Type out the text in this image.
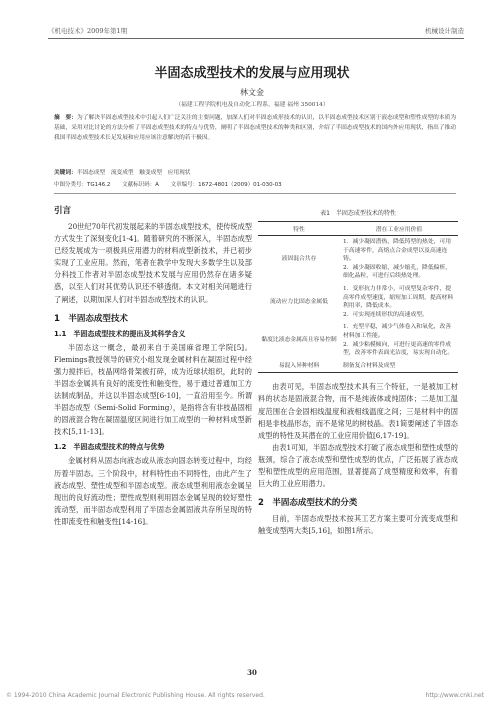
《机电技术》2009年第1期	机械设计制造
半固态成型技术的发展与应用现状
林文金
（福建工程学院机电及自动化工程系，福建 福州 350014）
摘　要：为了解决半固态成型技术中引起人们广泛关注的主要问题，加深人们对半固态成形技术的认识，以半固态成型技术区别于液态成型和塑性成型的本质为基础，采用对比讨论的方法分析了半固态成型技术的特点与优势，阐明了半固态成型技术的种类和区别，介绍了半固态成型技术的国内外应用现状，指出了推动我国半固态成型技术长足发展和应用应该注意解决的若干极因。
关键词：半固态成型　流变成型　触变成型　应用现状
中图分类号：TG146.2 文献标识码：A 文章编号：1672-4801（2009）01-030-03
引言

20世纪70年代初发展起来的半固态成型技术，使传统成型方式发生了深刻变化[1-4]。随着研究的不断深入，半固态成型已经发展成为一项极具应用潜力的材料成型新技术，并已初步实现了工业应用。然而，笔者在教学中发现大多数学生以及部分科技工作者对半固态成型技术发展与应用仍然存在诸多疑惑，以至人们对其优势认识还不够透彻。本文对相关问题进行了阐述，以期加深人们对半固态成型技术的认识。

1　半固态成型技术
1.1　半固态成型技术的提出及其科学含义

半固态这一概念，最初来自于美国麻省理工学院[5]。Flemings教授领导的研究小组发现金属材料在凝固过程中经强力搅拌后，枝晶网络骨架被打碎，成为近球状组织，此时的半固态金属具有良好的流变性和触变性，易于通过普通加工方法制成制品，并这以半固态成型[6-10]，一直沿用至今。所谓半固态成型（Semi-Solid Forming），是指将含有非枝晶固相的固液混合物在凝固温度区间进行加工成型的一种材料成型新技术[5,11-13]。

1.2　半固态成型技术的特点与优势

金属材料从固态向液态或从液态向固态转变过程中，均经历着半固态。三个阶段中，材料特性由不同特性，由此产生了液态成型、塑性成型和半固态成型。液态成型利用液态金属呈现出的良好流动性；塑性成型则利用固态金属呈现的较好塑性流动型，而半固态成型利用了半固态金属固液共存所呈现的特性即流变性和触变性[14-16]。

表1　半固态成型技术的特性
特性	潜在工业应用价值
液固混合共存	1．减少凝固潜热，降低铸型的热处，可用于高速零件，高熔点合金成型以及高速连铸。
2．减少凝固收缩，减少缩孔，降低偏析，细化晶粒，可进行后续热处理。

流动应力比固态金属低	1．变形抗力非常小，可成型复杂零件，提高零件成型速度，缩短加工周期，提高材料利用率，降低成本。
2．可实现连续形状的高速成型。

黏度比液态金属高且容易控制	1．充型平稳，减少气体卷入和氧化，改善材料加工性能。
2．减少粘模倾向，可进行更高速的零件成型，改善零件表面光洁度，易实现自动化。

易混入异种材料	制备复合材料及成型

由表可见，半固态成型技术具有三个特征，一是被加工材料的状态是固液混合物，而不是纯液体或纯固体；二是加工温度范围在合金固相线温度和液相线温度之间；三是材料中的固相是非枝晶形态，而不是常见的树枝晶。表1简要阐述了半固态成型的特性及其潜在的工业应用价值[6,17-19]。

由表1可知，半固态成型技术打破了液态成型和塑性成型的瓶颈，综合了液态成型和塑性成型的优点，广泛拓展了液态成型和塑性成型的应用范围，显著提高了成型精度和效率，有着巨大的工业应用潜力。

2　半固态成型技术的分类

目前，半固态成型技术按其工艺方案主要可分流变成型和触变成型两大类[5,16]，如图1所示。

30
© 1994-2010 China Academic Journal Electronic Publishing House. All rights reserved.	http://www.cnki.net
